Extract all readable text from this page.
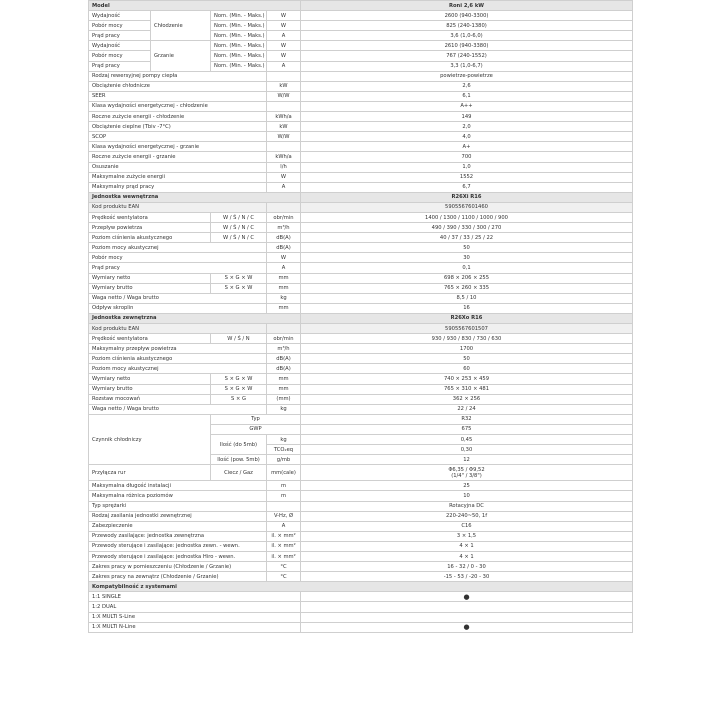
Model				Roni 2,6 kW
Wydajność	Chłodzenie	Nom. (Min. - Maks.)	W	2600 (940-3300)
Pobór mocy		Nom. (Min. - Maks.)	W	825 (240-1380)
Prąd pracy		Nom. (Min. - Maks.)	A	3,6 (1,0-6,0)
Wydajność	Grzanie	Nom. (Min. - Maks.)	W	2610 (940-3380)
Pobór mocy		Nom. (Min. - Maks.)	W	767 (240-1552)
Prąd pracy		Nom. (Min. - Maks.)	A	3,3 (1,0-6,7)
Rodzaj rewersyjnej pompy ciepła				powietrze-powietrze
Obciążenie chłodnicze			kW	2,6
SEER			W/W	6,1
Klasa wydajności energetycznej - chłodzenie				A++
Roczne zużycie energii - chłodzenie			kWh/a	149
Obciążenie cieplne (Tbiv -7°C)			kW	2,0
SCOP			W/W	4,0
Klasa wydajności energetycznej - grzanie				A+
Roczne zużycie energii - grzanie			kWh/a	700
Osuszanie			l/h	1,0
Maksymalne zużycie energii			W	1552
Maksymalny prąd pracy			A	6,7
Jednostka wewnętrzna				R26Xi R16
Kod produktu EAN				5905567601460
Prędkość wentylatora		W / Ś / N / C	obr/min	1400 / 1300 / 1100 / 1000 / 900
Przepływ powietrza		W / Ś / N / C	m³/h	490 / 390 / 330 / 300 / 270
Poziom ciśnienia akustycznego		W / Ś / N / C	dB(A)	40 / 37 / 33 / 25 / 22
Poziom mocy akustycznej			dB(A)	50
Pobór mocy			W	30
Prąd pracy			A	0,1
Wymiary netto		S × G × W	mm	698 × 206 × 255
Wymiary brutto		S × G × W	mm	765 × 260 × 335
Waga netto / Waga brutto			kg	8,5 / 10
Odpływ skroplin			mm	16
Jednostka zewnętrzna				R26Xo R16
Kod produktu EAN				5905567601507
Prędkość wentylatora		W / Ś / N	obr/min	930 / 930 / 830 / 730 / 630
Maksymalny przepływ powietrza			m³/h	1700
Poziom ciśnienia akustycznego			dB(A)	50
Poziom mocy akustycznej			dB(A)	60
Wymiary netto		S × G × W	mm	740 × 253 × 459
Wymiary brutto		S × G × W	mm	765 × 310 × 481
Rozstaw mocowań		S × G	(mm)	362 × 256
Waga netto / Waga brutto			kg	22 / 24
Czynnik chłodniczy		Typ		R32
		GWP		675
		Ilość (do 5mb)	kg	0,45
			TCO₂eq	0,30
		Ilość (pow. 5mb)	g/mb	12
Przyłącza rur		Ciecz / Gaz	mm(cale)	Φ6,35 / Φ9,52
(1/4" / 3/8")

Maksymalna długość instalacji			m	25
Maksymalna różnica poziomów			m	10
Typ sprężarki				Rotacyjna DC
Rodzaj zasilania jednostki zewnętrznej			V-Hz, Ø	220-240~50, 1f
Zabezpieczenie			A	C16
Przewody zasilające: jednostka zewnętrzna			il. × mm²	3 × 1,5
Przewody sterujące i zasilające: jednostka zewn. - wewn.			il. × mm²	4 × 1
Przewody sterujące i zasilające: jednostka Hiro - wewn.			il. × mm²	4 × 1
Zakres pracy w pomieszczeniu (Chłodzenie / Grzanie)			°C	16 - 32 / 0 - 30
Zakres pracy na zewnątrz (Chłodzenie / Grzanie)			°C	-15 - 53 / -20 - 30
Kompatybilność z systemami				
1:1 SINGLE				●
1:2 DUAL				
1:X MULTI S-Line				
1:X MULTI N-Line				●
